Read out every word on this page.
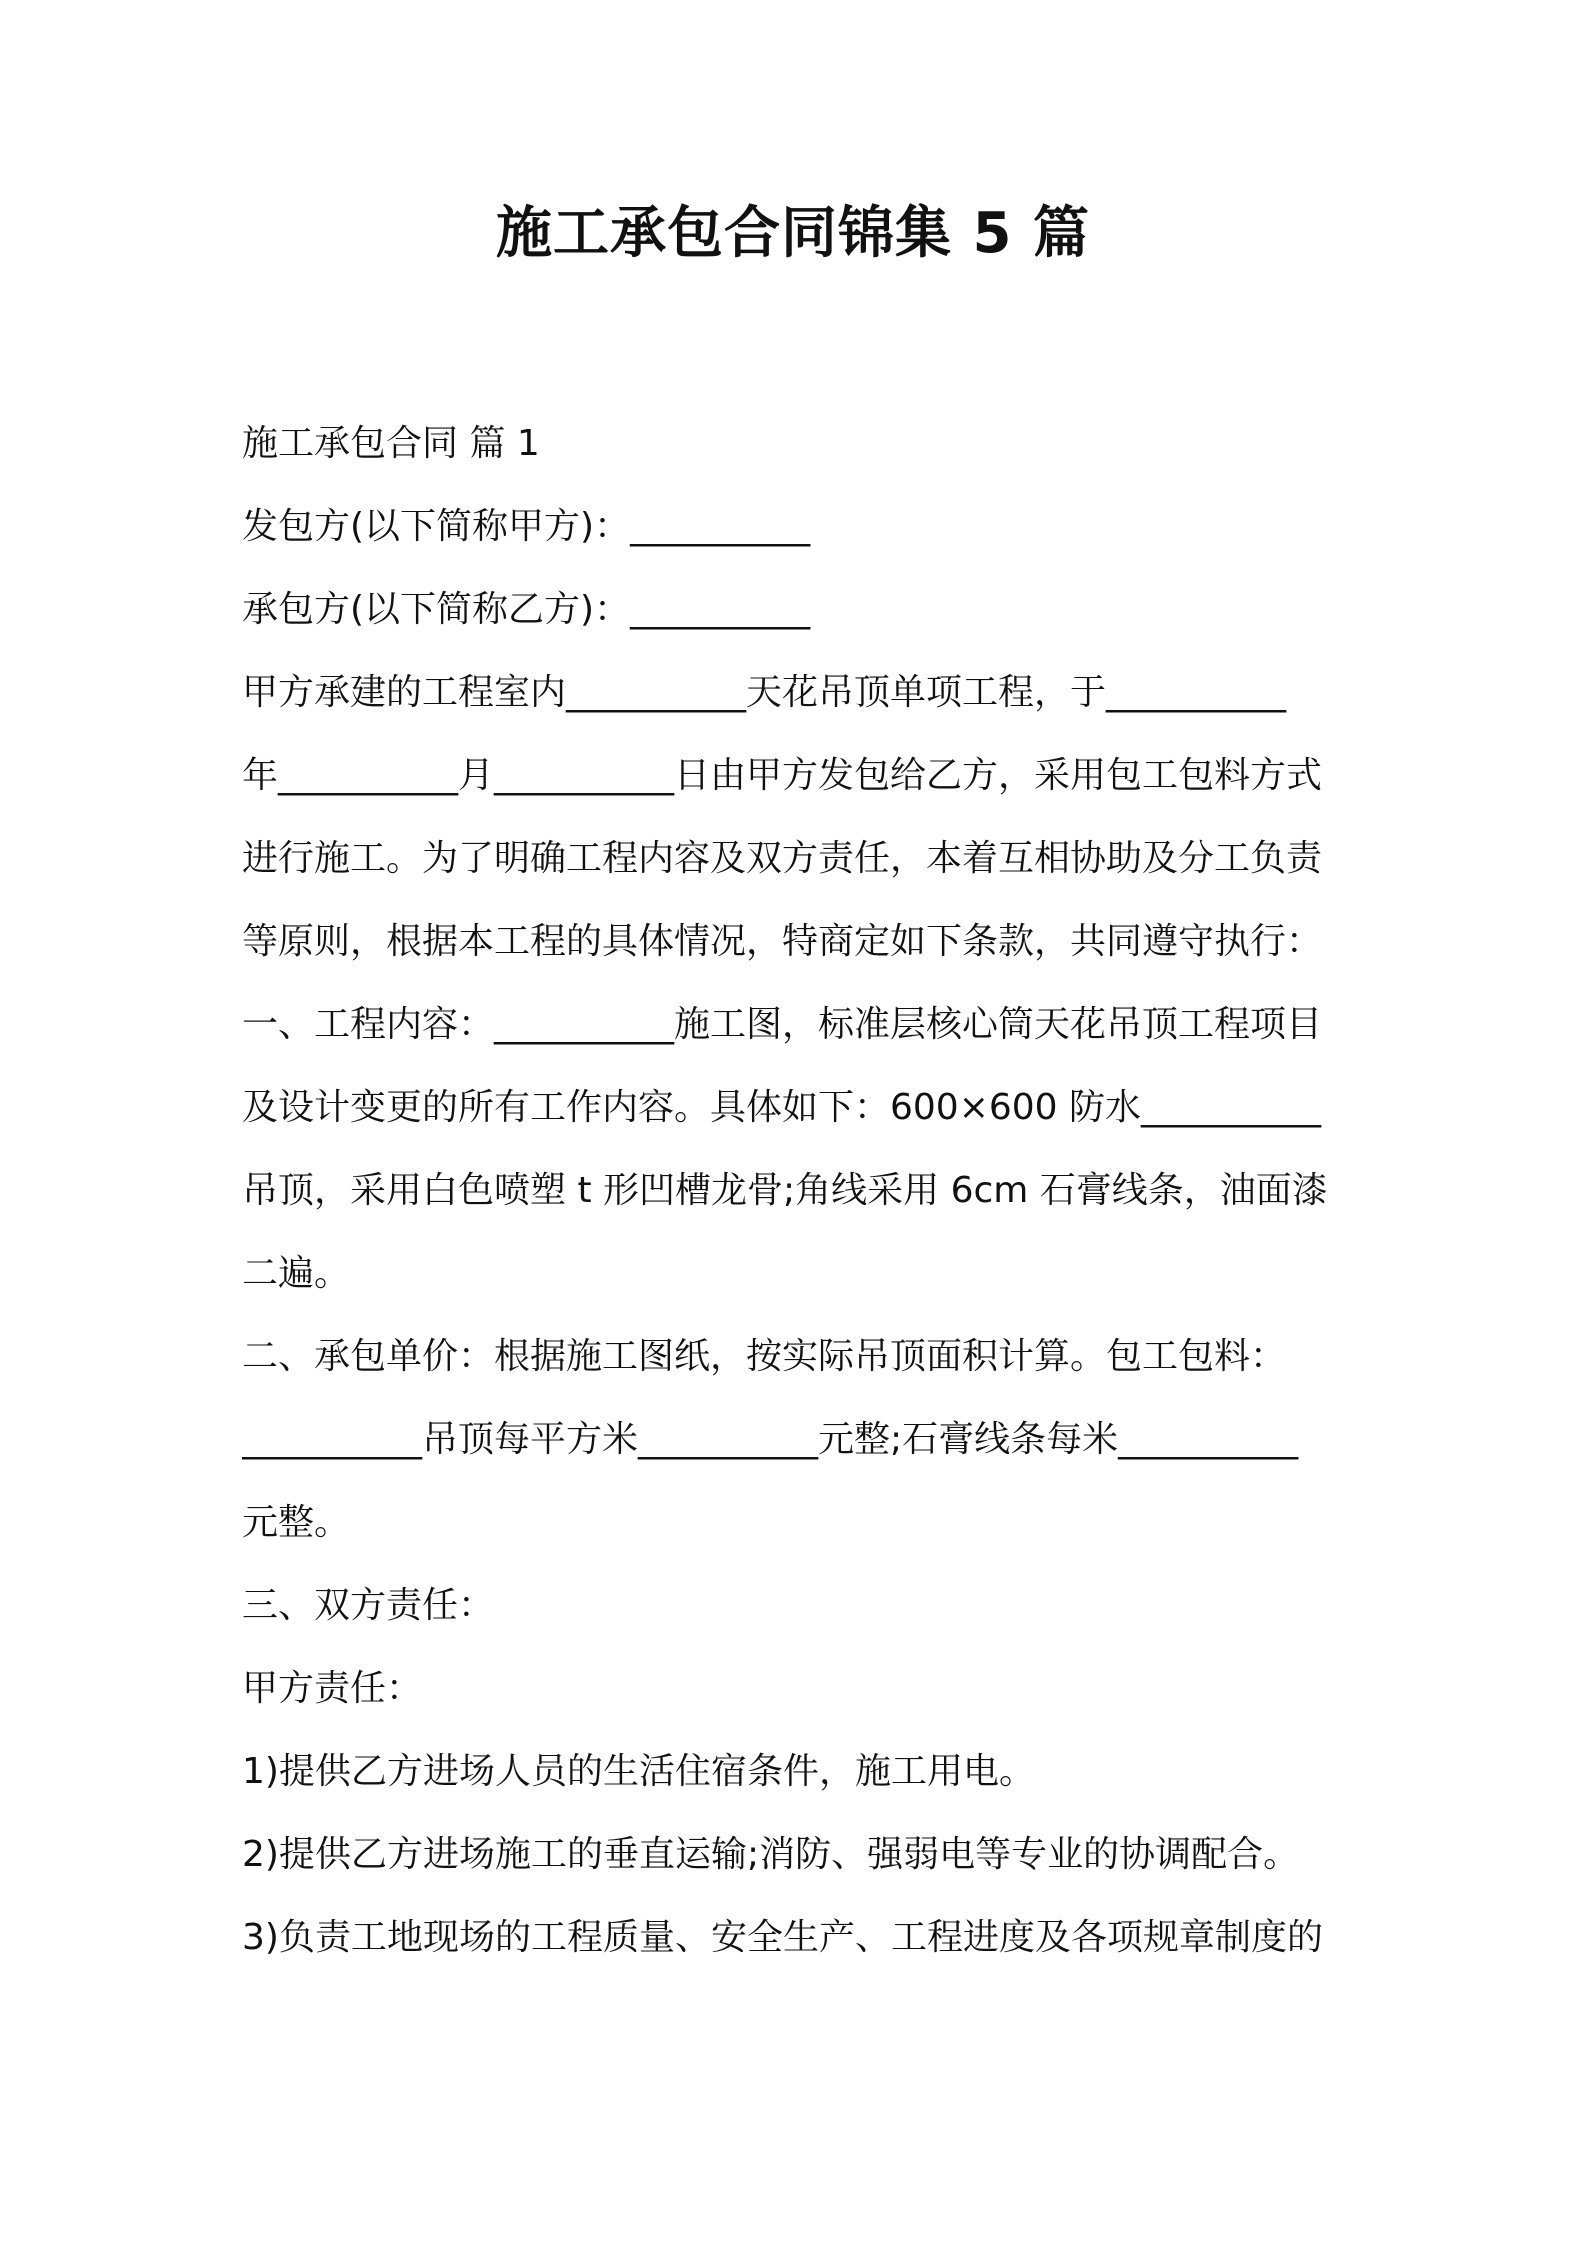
施工承包合同锦集 5 篇
施工承包合同 篇 1
发包方(以下简称甲方)：__________
承包方(以下简称乙方)：__________
甲方承建的工程室内__________天花吊顶单项工程，于__________
年__________月__________日由甲方发包给乙方，采用包工包料方式
进行施工。为了明确工程内容及双方责任，本着互相协助及分工负责
等原则，根据本工程的具体情况，特商定如下条款，共同遵守执行：
一、工程内容：__________施工图，标准层核心筒天花吊顶工程项目
及设计变更的所有工作内容。具体如下：600×600 防水__________
吊顶，采用白色喷塑 t 形凹槽龙骨;角线采用 6cm 石膏线条，油面漆
二遍。
二、承包单价：根据施工图纸，按实际吊顶面积计算。包工包料：
__________吊顶每平方米__________元整;石膏线条每米__________
元整。
三、双方责任：
甲方责任：
1)提供乙方进场人员的生活住宿条件，施工用电。
2)提供乙方进场施工的垂直运输;消防、强弱电等专业的协调配合。
3)负责工地现场的工程质量、安全生产、工程进度及各项规章制度的
